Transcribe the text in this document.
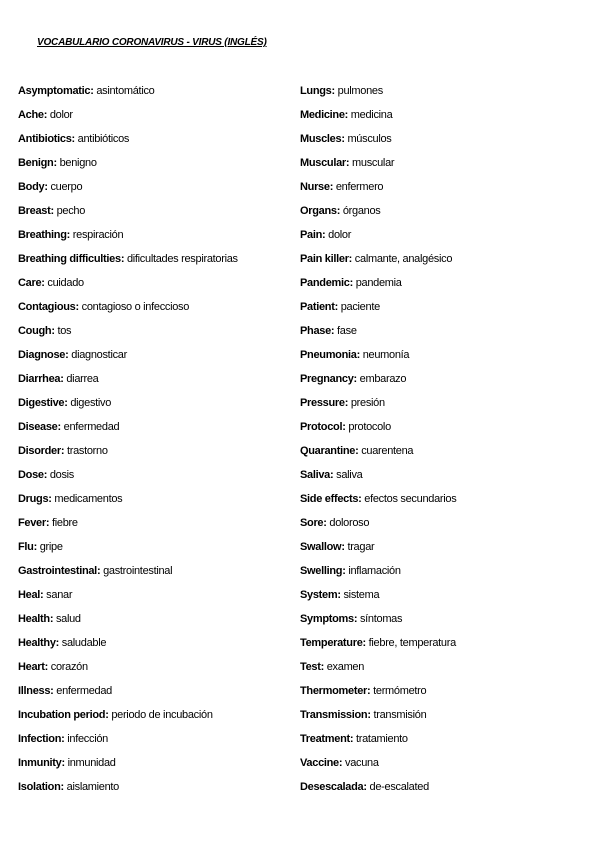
VOCABULARIO CORONAVIRUS - VIRUS (INGLÉS)
Asymptomatic: asintomático
Ache: dolor
Antibiotics: antibióticos
Benign: benigno
Body: cuerpo
Breast: pecho
Breathing: respiración
Breathing difficulties: dificultades respiratorias
Care: cuidado
Contagious: contagioso o infeccioso
Cough: tos
Diagnose: diagnosticar
Diarrhea: diarrea
Digestive: digestivo
Disease: enfermedad
Disorder: trastorno
Dose: dosis
Drugs: medicamentos
Fever: fiebre
Flu: gripe
Gastrointestinal: gastrointestinal
Heal: sanar
Health: salud
Healthy: saludable
Heart: corazón
Illness: enfermedad
Incubation period: periodo de incubación
Infection: infección
Inmunity: inmunidad
Isolation: aislamiento
Lungs: pulmones
Medicine: medicina
Muscles: músculos
Muscular: muscular
Nurse: enfermero
Organs: órganos
Pain: dolor
Pain killer: calmante, analgésico
Pandemic: pandemia
Patient: paciente
Phase: fase
Pneumonia: neumonía
Pregnancy: embarazo
Pressure: presión
Protocol: protocolo
Quarantine: cuarentena
Saliva: saliva
Side effects: efectos secundarios
Sore: doloroso
Swallow: tragar
Swelling: inflamación
System: sistema
Symptoms: síntomas
Temperature: fiebre, temperatura
Test: examen
Thermometer: termómetro
Transmission: transmisión
Treatment: tratamiento
Vaccine: vacuna
Desescalada: de-escalated
